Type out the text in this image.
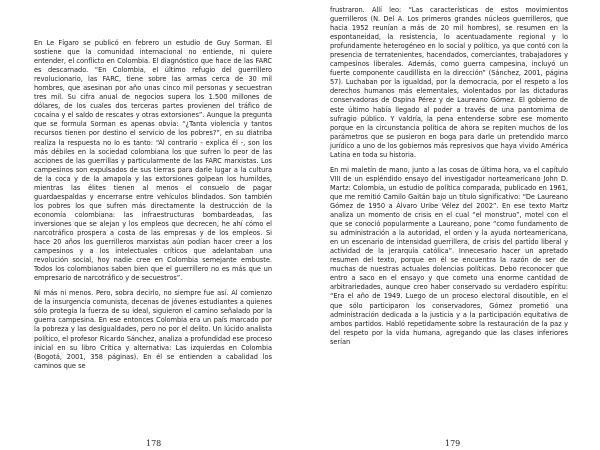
En Le Fígaro se publicó en febrero un estudio de Guy Sorman. El sostiene que la comunidad internacional no entiende, ni quiere entender, el conflicto en Colombia. El diagnóstico que hace de las FARC es descarnado. “En Colombia, el último refugio del guerrillero revolucionario, las FARC, tiene sobre las armas cerca de 30 mil hombres, que asesinan por año unas cinco mil personas y secuestran tres mil. Su cifra anual de negocios supera los 1.500 millones de dólares, de los cuales dos terceras partes provienen del tráfico de cocaína y el saldo de rescates y otras extorsiones”. Aunque la pregunta que se formula Sorman es apenas obvia: “¿Tanta violencia y tantos recursos tienen por destino el servicio de los pobres?”, en su diatriba realiza la respuesta no lo es tanto: “Al contrario - explica él -, son los más débiles en la sociedad colombiana los que sufren lo peor de las acciones de las guerrillas y particularmente de las FARC marxistas. Los campesinos son expulsados de sus tierras para darle lugar a la cultura de la coca y de la amapola y las extorsiones golpean los humildes, mientras las élites tienen al menos el consuelo de pagar guardaespaldas y encerrarse entre vehículos blindados. Son también los pobres los que sufren más directamente la destrucción de la economía colombiana: las infraestructuras bombardeadas, las inversiones que se alejan y los empleos que decrecen, he ahí cómo el narcotráfico prospera a costa de las empresas y de los empleos. Si hace 20 años los guerrilleros marxistas aún podían hacer creer a los campesinos y a los intelectuales críticos que adelantaban una revolución social, hoy nadie cree en Colombia semejante embuste. Todos los colombianos saben bien que el guerrillero no es más que un empresario de narcotráfico y de secuestros”.

Ni más ni menos. Pero, sobra decirlo, no siempre fue así. Al comienzo de la insurgencia comunista, decenas de jóvenes estudiantes a quienes sólo protegía la fuerza de su ideal, siguieron el camino señalado por la guerra campesina. En ese entonces Colombia era un país marcado por la pobreza y las desigualdades, pero no por el delito. Un lúcido analista político, el profesor Ricardo Sánchez, analiza a profundidad ese proceso inicial en su libro Crítica y alternativa: Las izquierdas en Colombia (Bogotá, 2001, 358 páginas). En él se entienden a cabalidad los caminos que se

178

frustraron. Allí leo: “Las características de estos movimientos guerrilleros (N. Del A. Los primeros grandes núcleos guerrilleros, que hacia 1952 reunían a más de 20 mil hombres), se resumen en la espontaneidad, la resistencia, lo acentuadamente regional y lo profundamente heterogéneo en lo social y político, ya que contó con la presencia de terratenientes, hacendados, comerciantes, trabajadores y campesinos liberales. Además, como guerra campesina, incluyó un fuerte componente caudillista en la dirección” (Sánchez, 2001, página 57). Luchaban por la igualdad, por la democracia, por el respeto a los derechos humanos más elementales, violentados por las dictaduras conservadoras de Ospina Pérez y de Laureano Gómez. El gobierno de este último había llegado al poder a través de una pantomima de sufragio público. Y valdría, la pena entenderse sobre ese momento porque en la circunstancia política de ahora se repiten muchos de los parámetros que se pusieron en boga para darle un pretendido marco jurídico a uno de los gobiernos más represivos que haya vivido América Latina en toda su historia.

En mi maletín de mano, junto a las cosas de última hora, va el capítulo VIII de un espléndido ensayo del investigador norteamericano John D. Martz: Colombia, un estudio de política comparada, publicado en 1961, que me remitió Camilo Gaitán bajo un título significativo: “De Laureano Gómez de 1950 a Álvaro Uribe Vélez del 2002”. En ese texto Martz analiza un momento de crisis en el cual “el monstruo”, motel con el que se conoció popularmente a Laureano, pone “como fundamento de su administración a la autoridad, el orden y la ayuda norteamericana, en un escenario de intensidad guerrillera, de crisis del partido liberal y actividad de la jerarquía católica”. Innecesario hacer un apretado resumen del texto, porque en él se encuentra la razón de ser de muchas de nuestras actuales dolencias políticas. Debo reconocer que entro a saco en el ensayo y que cometo una enorme cantidad de arbitrariedades, aunque creo haber conservado su verdadero espíritu: “Era el año de 1949. Luego de un proceso electoral disoutible, en el que sólo participaron los conservadores, Gómez prometió una administración dedicada a la justicia y a la participación equitativa de ambos partidos. Habló repetidamente sobre la restauración de la paz y del respeto por la vida humana, agregando que las clases inferiores serían

179
